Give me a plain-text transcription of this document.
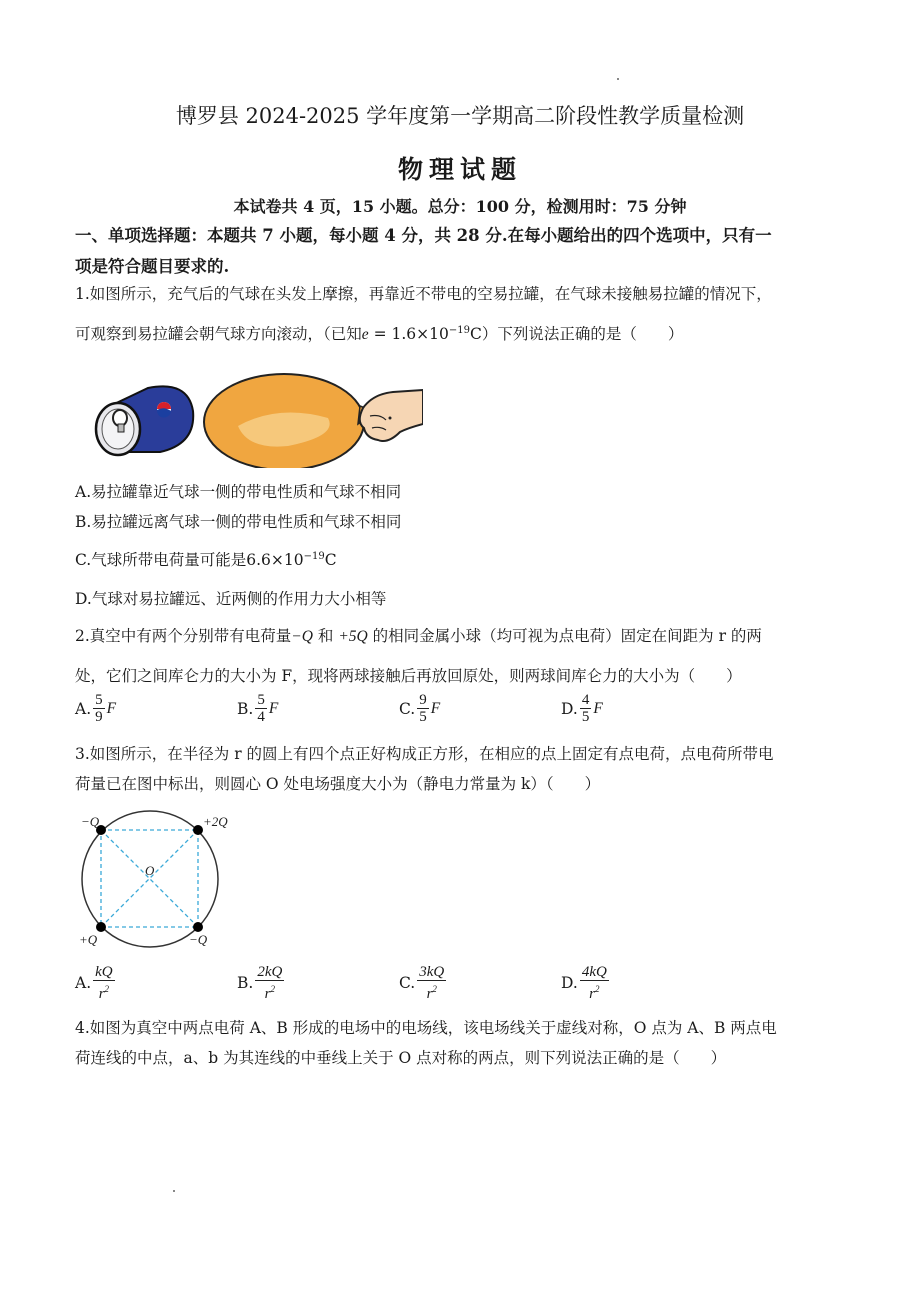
博罗县 2024-2025 学年度第一学期高二阶段性教学质量检测
物理试题
本试卷共 4 页，15 小题。总分：100 分，检测用时：75 分钟
一、单项选择题：本题共 7 小题，每小题 4 分，共 28 分.在每小题给出的四个选项中，只有一
项是符合题目要求的.
1.如图所示，充气后的气球在头发上摩擦，再靠近不带电的空易拉罐，在气球未接触易拉罐的情况下，
可观察到易拉罐会朝气球方向滚动，（已知$e = 1.6\times 10^{-19}C$）下列说法正确的是（　　）
A.易拉罐靠近气球一侧的带电性质和气球不相同
B.易拉罐远离气球一侧的带电性质和气球不相同
C.气球所带电荷量可能是$6.6\times 10^{-19}C$
D.气球对易拉罐远、近两侧的作用力大小相等
2.真空中有两个分别带有电荷量−Q 和 +5Q 的相同金属小球（均可视为点电荷）固定在间距为 r 的两
处，它们之间库仑力的大小为 F，现将两球接触后再放回原处，则两球间库仑力的大小为（　　）
A. $\frac{5}{9}$ F	B. $\frac{5}{4}$ F	C. $\frac{9}{5}$ F	D. $\frac{4}{5}$ F
3.如图所示，在半径为 r 的圆上有四个点正好构成正方形，在相应的点上固定有点电荷，点电荷所带电
荷量已在图中标出，则圆心 O 处电场强度大小为（静电力常量为 k）（　　）
−Q	+2Q
O
+Q	−Q
A. $\frac{kQ}{r^2}$	B. $\frac{2kQ}{r^2}$	C. $\frac{3kQ}{r^2}$	D. $\frac{4kQ}{r^2}$
4.如图为真空中两点电荷 A、B 形成的电场中的电场线，该电场线关于虚线对称，O 点为 A、B 两点电
荷连线的中点，a、b 为其连线的中垂线上关于 O 点对称的两点，则下列说法正确的是（　　）
